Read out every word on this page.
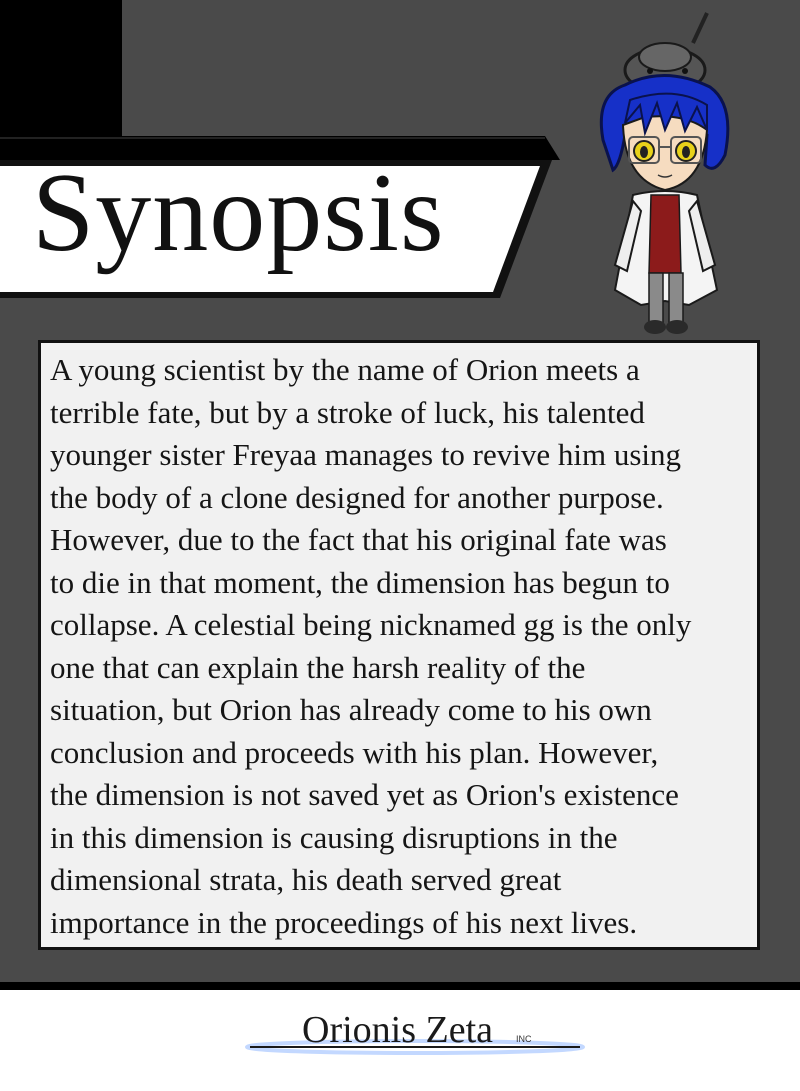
Synopsis

A young scientist by the name of Orion meets a
terrible fate, but by a stroke of luck, his talented
younger sister Freyaa manages to revive him using
the body of a clone designed for another purpose.
However, due to the fact that his original fate was
to die in that moment, the dimension has begun to
collapse. A celestial being nicknamed gg is the only
one that can explain the harsh reality of the
situation, but Orion has already come to his own
conclusion and proceeds with his plan. However,
the dimension is not saved yet as Orion's existence
in this dimension is causing disruptions in the
dimensional strata, his death served great
importance in the proceedings of his next lives.

Orionis Zeta	INC
